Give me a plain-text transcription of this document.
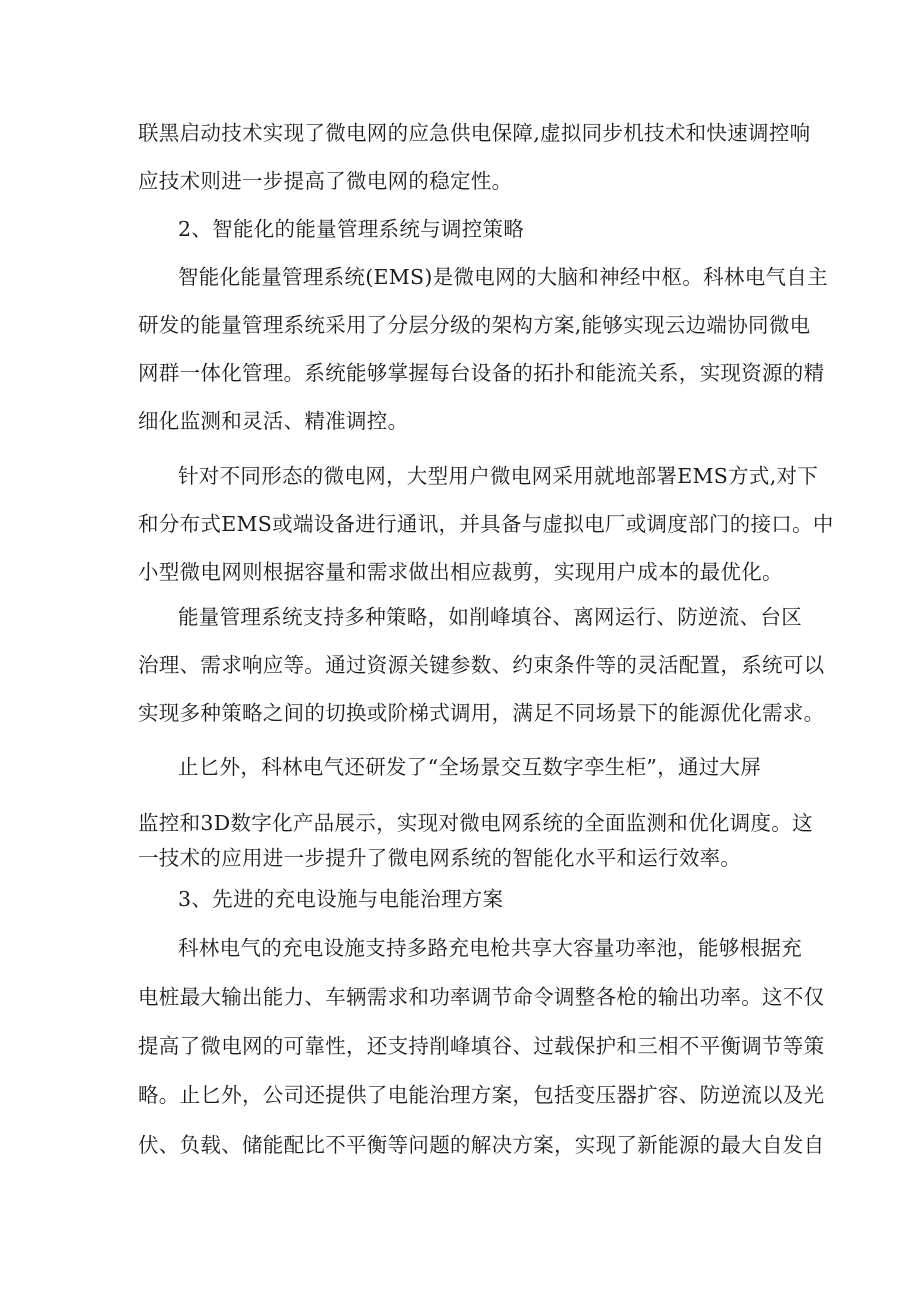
联黑启动技术实现了微电网的应急供电保障,虚拟同步机技术和快速调控响
应技术则进一步提高了微电网的稳定性。
2、智能化的能量管理系统与调控策略
智能化能量管理系统(EMS)是微电网的大脑和神经中枢。科林电气自主
研发的能量管理系统采用了分层分级的架构方案,能够实现云边端协同微电
网群一体化管理。系统能够掌握每台设备的拓扑和能流关系，实现资源的精
细化监测和灵活、精准调控。
针对不同形态的微电网，大型用户微电网采用就地部署EMS方式,对下
和分布式EMS或端设备进行通讯，并具备与虚拟电厂或调度部门的接口。中
小型微电网则根据容量和需求做出相应裁剪，实现用户成本的最优化。
能量管理系统支持多种策略，如削峰填谷、离网运行、防逆流、台区
治理、需求响应等。通过资源关键参数、约束条件等的灵活配置，系统可以
实现多种策略之间的切换或阶梯式调用，满足不同场景下的能源优化需求。
止匕外，科林电气还研发了“全场景交互数字孪生柜”，通过大屏
监控和3D数字化产品展示，实现对微电网系统的全面监测和优化调度。这
一技术的应用进一步提升了微电网系统的智能化水平和运行效率。
3、先进的充电设施与电能治理方案
科林电气的充电设施支持多路充电枪共享大容量功率池，能够根据充
电桩最大输出能力、车辆需求和功率调节命令调整各枪的输出功率。这不仅
提高了微电网的可靠性，还支持削峰填谷、过载保护和三相不平衡调节等策
略。止匕外，公司还提供了电能治理方案，包括变压器扩容、防逆流以及光
伏、负载、储能配比不平衡等问题的解决方案，实现了新能源的最大自发自
